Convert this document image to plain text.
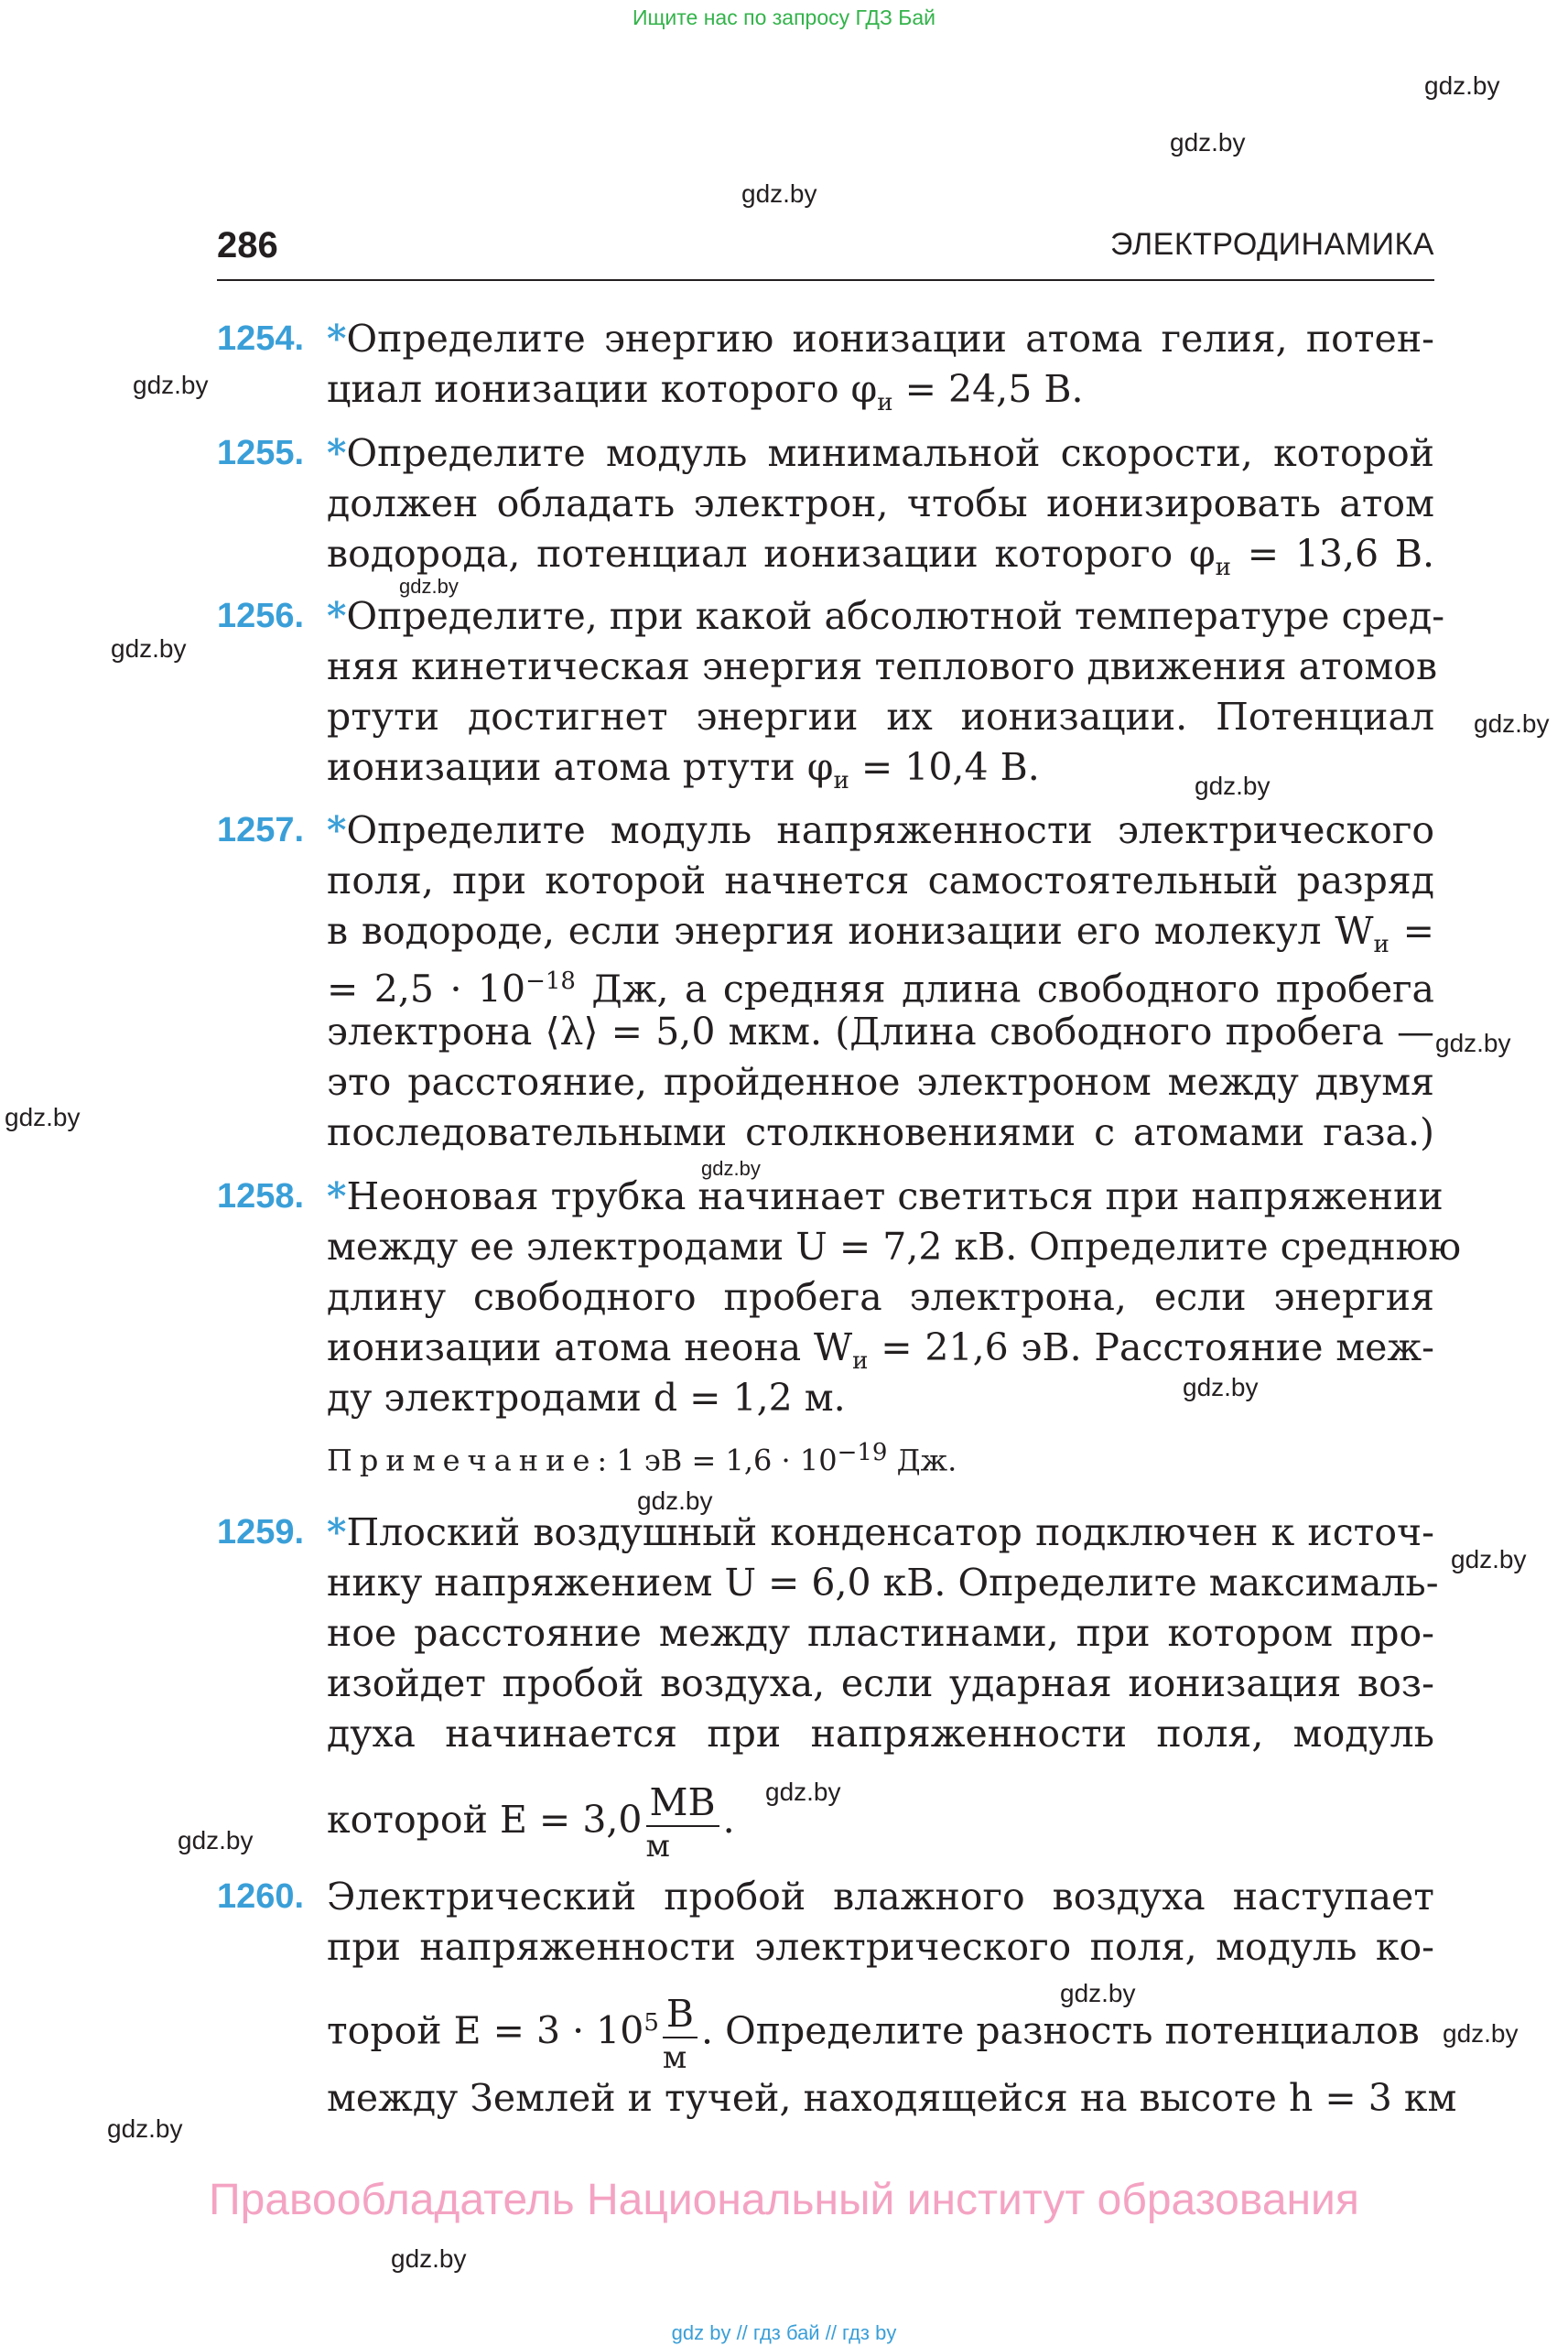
Ищите нас по запросу ГДЗ Бай
gdz.by
gdz.by
gdz.by
gdz.by
gdz.by
gdz.by
gdz.by
gdz.by
gdz.by
gdz.by
gdz.by
gdz.by
gdz.by
gdz.by
gdz.by
gdz.by
gdz.by
gdz.by
gdz.by
gdz.by
286	ЭЛЕКТРОДИНАМИКА
1254. *Определите энергию ионизации атома гелия, потен-
циал ионизации которого $\varphi_и = 24,5$ В.
1255. *Определите модуль минимальной скорости, которой
должен обладать электрон, чтобы ионизировать атом
водорода, потенциал ионизации которого $\varphi_и = 13,6$ В.
1256. *Определите, при какой абсолютной температуре сред-
няя кинетическая энергия теплового движения атомов
ртути достигнет энергии их ионизации. Потенциал
ионизации атома ртути $\varphi_и = 10,4$ В.
1257. *Определите модуль напряженности электрического
поля, при которой начнется самостоятельный разряд
в водороде, если энергия ионизации его молекул $W_и$ =
= $2,5 \cdot 10^{-18}$ Дж, а средняя длина свободного пробега
электрона ⟨λ⟩ = 5,0 мкм. (Длина свободного пробега —
это расстояние, пройденное электроном между двумя
последовательными столкновениями с атомами газа.)
1258. *Неоновая трубка начинает светиться при напряжении
между ее электродами U = 7,2 кВ. Определите среднюю
длину свободного пробега электрона, если энергия
ионизации атома неона $W_и = 21,6$ эВ. Расстояние меж-
ду электродами d = 1,2 м.
Примечание: 1 эВ = $1,6 \cdot 10^{-19}$ Дж.
1259. *Плоский воздушный конденсатор подключен к источ-
нику напряжением U = 6,0 кВ. Определите максималь-
ное расстояние между пластинами, при котором про-
изойдет пробой воздуха, если ударная ионизация воз-
духа начинается при напряженности поля, модуль
которой $E = 3,0 \frac{МВ}{м}$ .
1260. Электрический пробой влажного воздуха наступает
при напряженности электрического поля, модуль ко-
торой $E = 3 \cdot 10^5 \frac{В}{м}$ . Определите разность потенциалов
между Землей и тучей, находящейся на высоте h = 3 км
Правообладатель Национальный институт образования
gdz by // гдз бай // гдз by
